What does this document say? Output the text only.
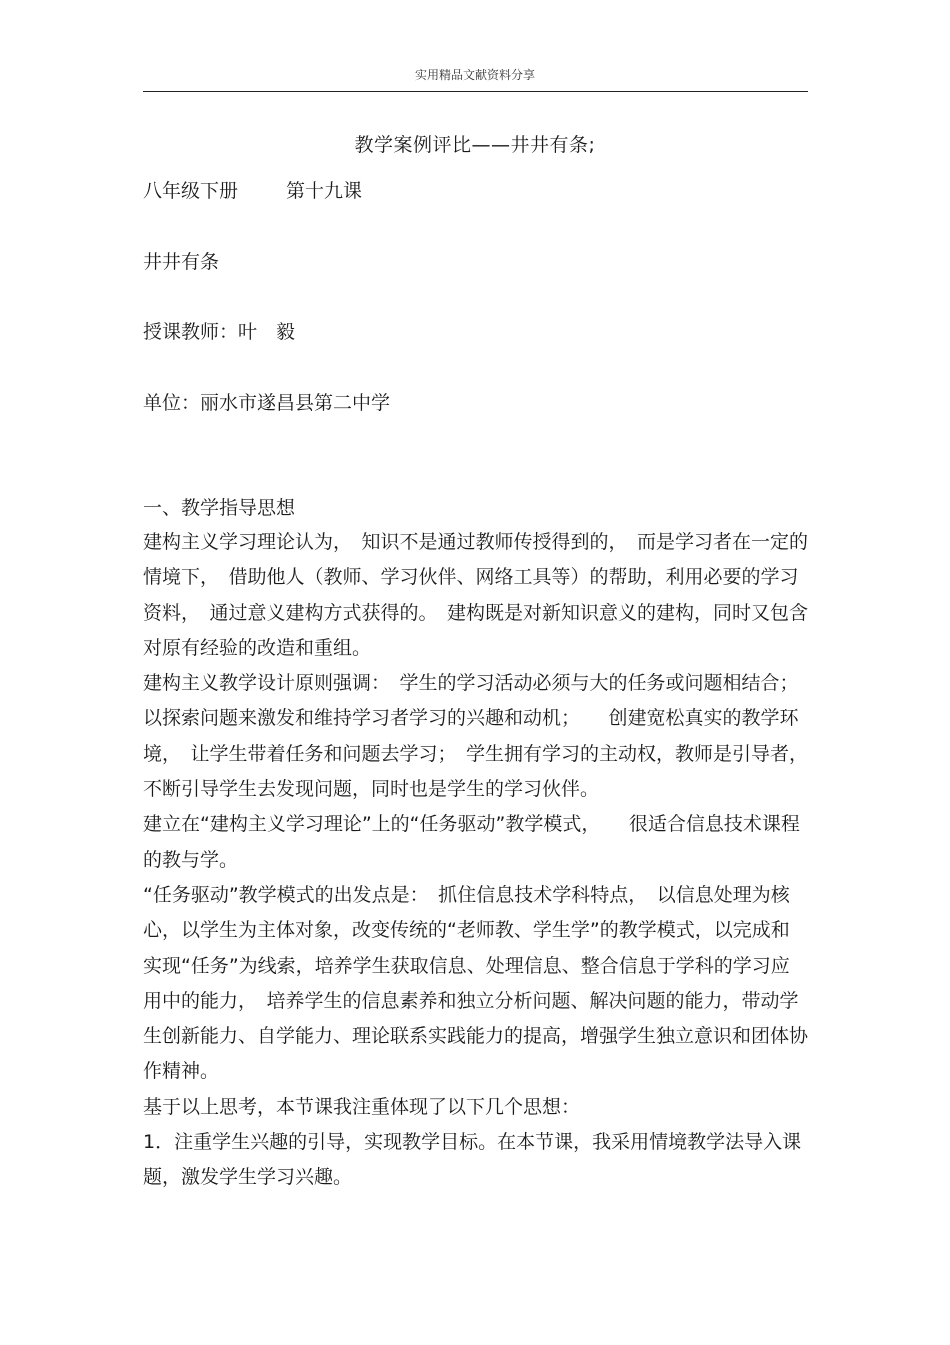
实用精品文献资料分享
教学案例评比——井井有条;
八年级下册	第十九课
井井有条
授课教师：叶　毅
单位：丽水市遂昌县第二中学
一、教学指导思想

建构主义学习理论认为，　知识不是通过教师传授得到的，　而是学习者在一定的情境下，　借助他人（教师、学习伙伴、网络工具等）的帮助，利用必要的学习资料，　通过意义建构方式获得的。　建构既是对新知识意义的建构，同时又包含对原有经验的改造和重组。

建构主义教学设计原则强调：　学生的学习活动必须与大的任务或问题相结合；以探索问题来激发和维持学习者学习的兴趣和动机；　　创建宽松真实的教学环境，　让学生带着任务和问题去学习；　学生拥有学习的主动权，教师是引导者，不断引导学生去发现问题，同时也是学生的学习伙伴。

建立在“建构主义学习理论”上的“任务驱动”教学模式，　　很适合信息技术课程的教与学。

“任务驱动”教学模式的出发点是：　抓住信息技术学科特点，　以信息处理为核心，以学生为主体对象，改变传统的“老师教、学生学”的教学模式，以完成和实现“任务”为线索，培养学生获取信息、处理信息、整合信息于学科的学习应用中的能力，　培养学生的信息素养和独立分析问题、解决问题的能力，带动学生创新能力、自学能力、理论联系实践能力的提高，增强学生独立意识和团体协作精神。

基于以上思考，本节课我注重体现了以下几个思想：

1．注重学生兴趣的引导，实现教学目标。在本节课，我采用情境教学法导入课题，激发学生学习兴趣。
